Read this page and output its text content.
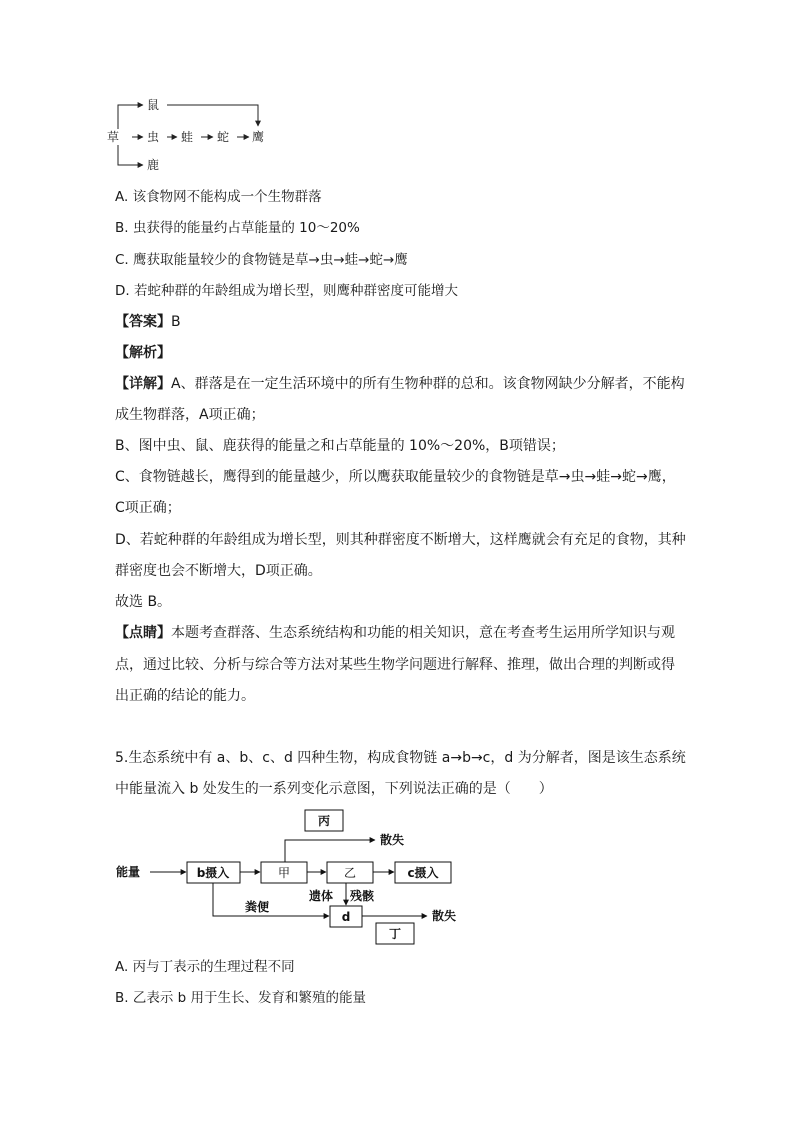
鼠
草 虫 蛙 蛇 鹰
鹿

A. 该食物网不能构成一个生物群落

B. 虫获得的能量约占草能量的 10～20%

C. 鹰获取能量较少的食物链是草→虫→蛙→蛇→鹰

D. 若蛇种群的年龄组成为增长型，则鹰种群密度可能增大

【答案】B

【解析】

【详解】A、群落是在一定生活环境中的所有生物种群的总和。该食物网缺少分解者，不能构

成生物群落，A项正确；

B、图中虫、鼠、鹿获得的能量之和占草能量的 10%～20%，B项错误；

C、食物链越长，鹰得到的能量越少，所以鹰获取能量较少的食物链是草→虫→蛙→蛇→鹰，

C项正确；

D、若蛇种群的年龄组成为增长型，则其种群密度不断增大，这样鹰就会有充足的食物，其种

群密度也会不断增大，D项正确。

故选 B。

【点睛】本题考查群落、生态系统结构和功能的相关知识，意在考查考生运用所学知识与观

点，通过比较、分析与综合等方法对某些生物学问题进行解释、推理，做出合理的判断或得

出正确的结论的能力。

5.生态系统中有 a、b、c、d 四种生物，构成食物链 a→b→c，d 为分解者，图是该生态系统

中能量流入 b 处发生的一系列变化示意图，下列说法正确的是（　　）

能量	b摄入	甲	乙	c摄入
丙
散失
粪便
遗体 残骸
d	散失
丁

A. 丙与丁表示的生理过程不同

B. 乙表示 b 用于生长、发育和繁殖的能量
